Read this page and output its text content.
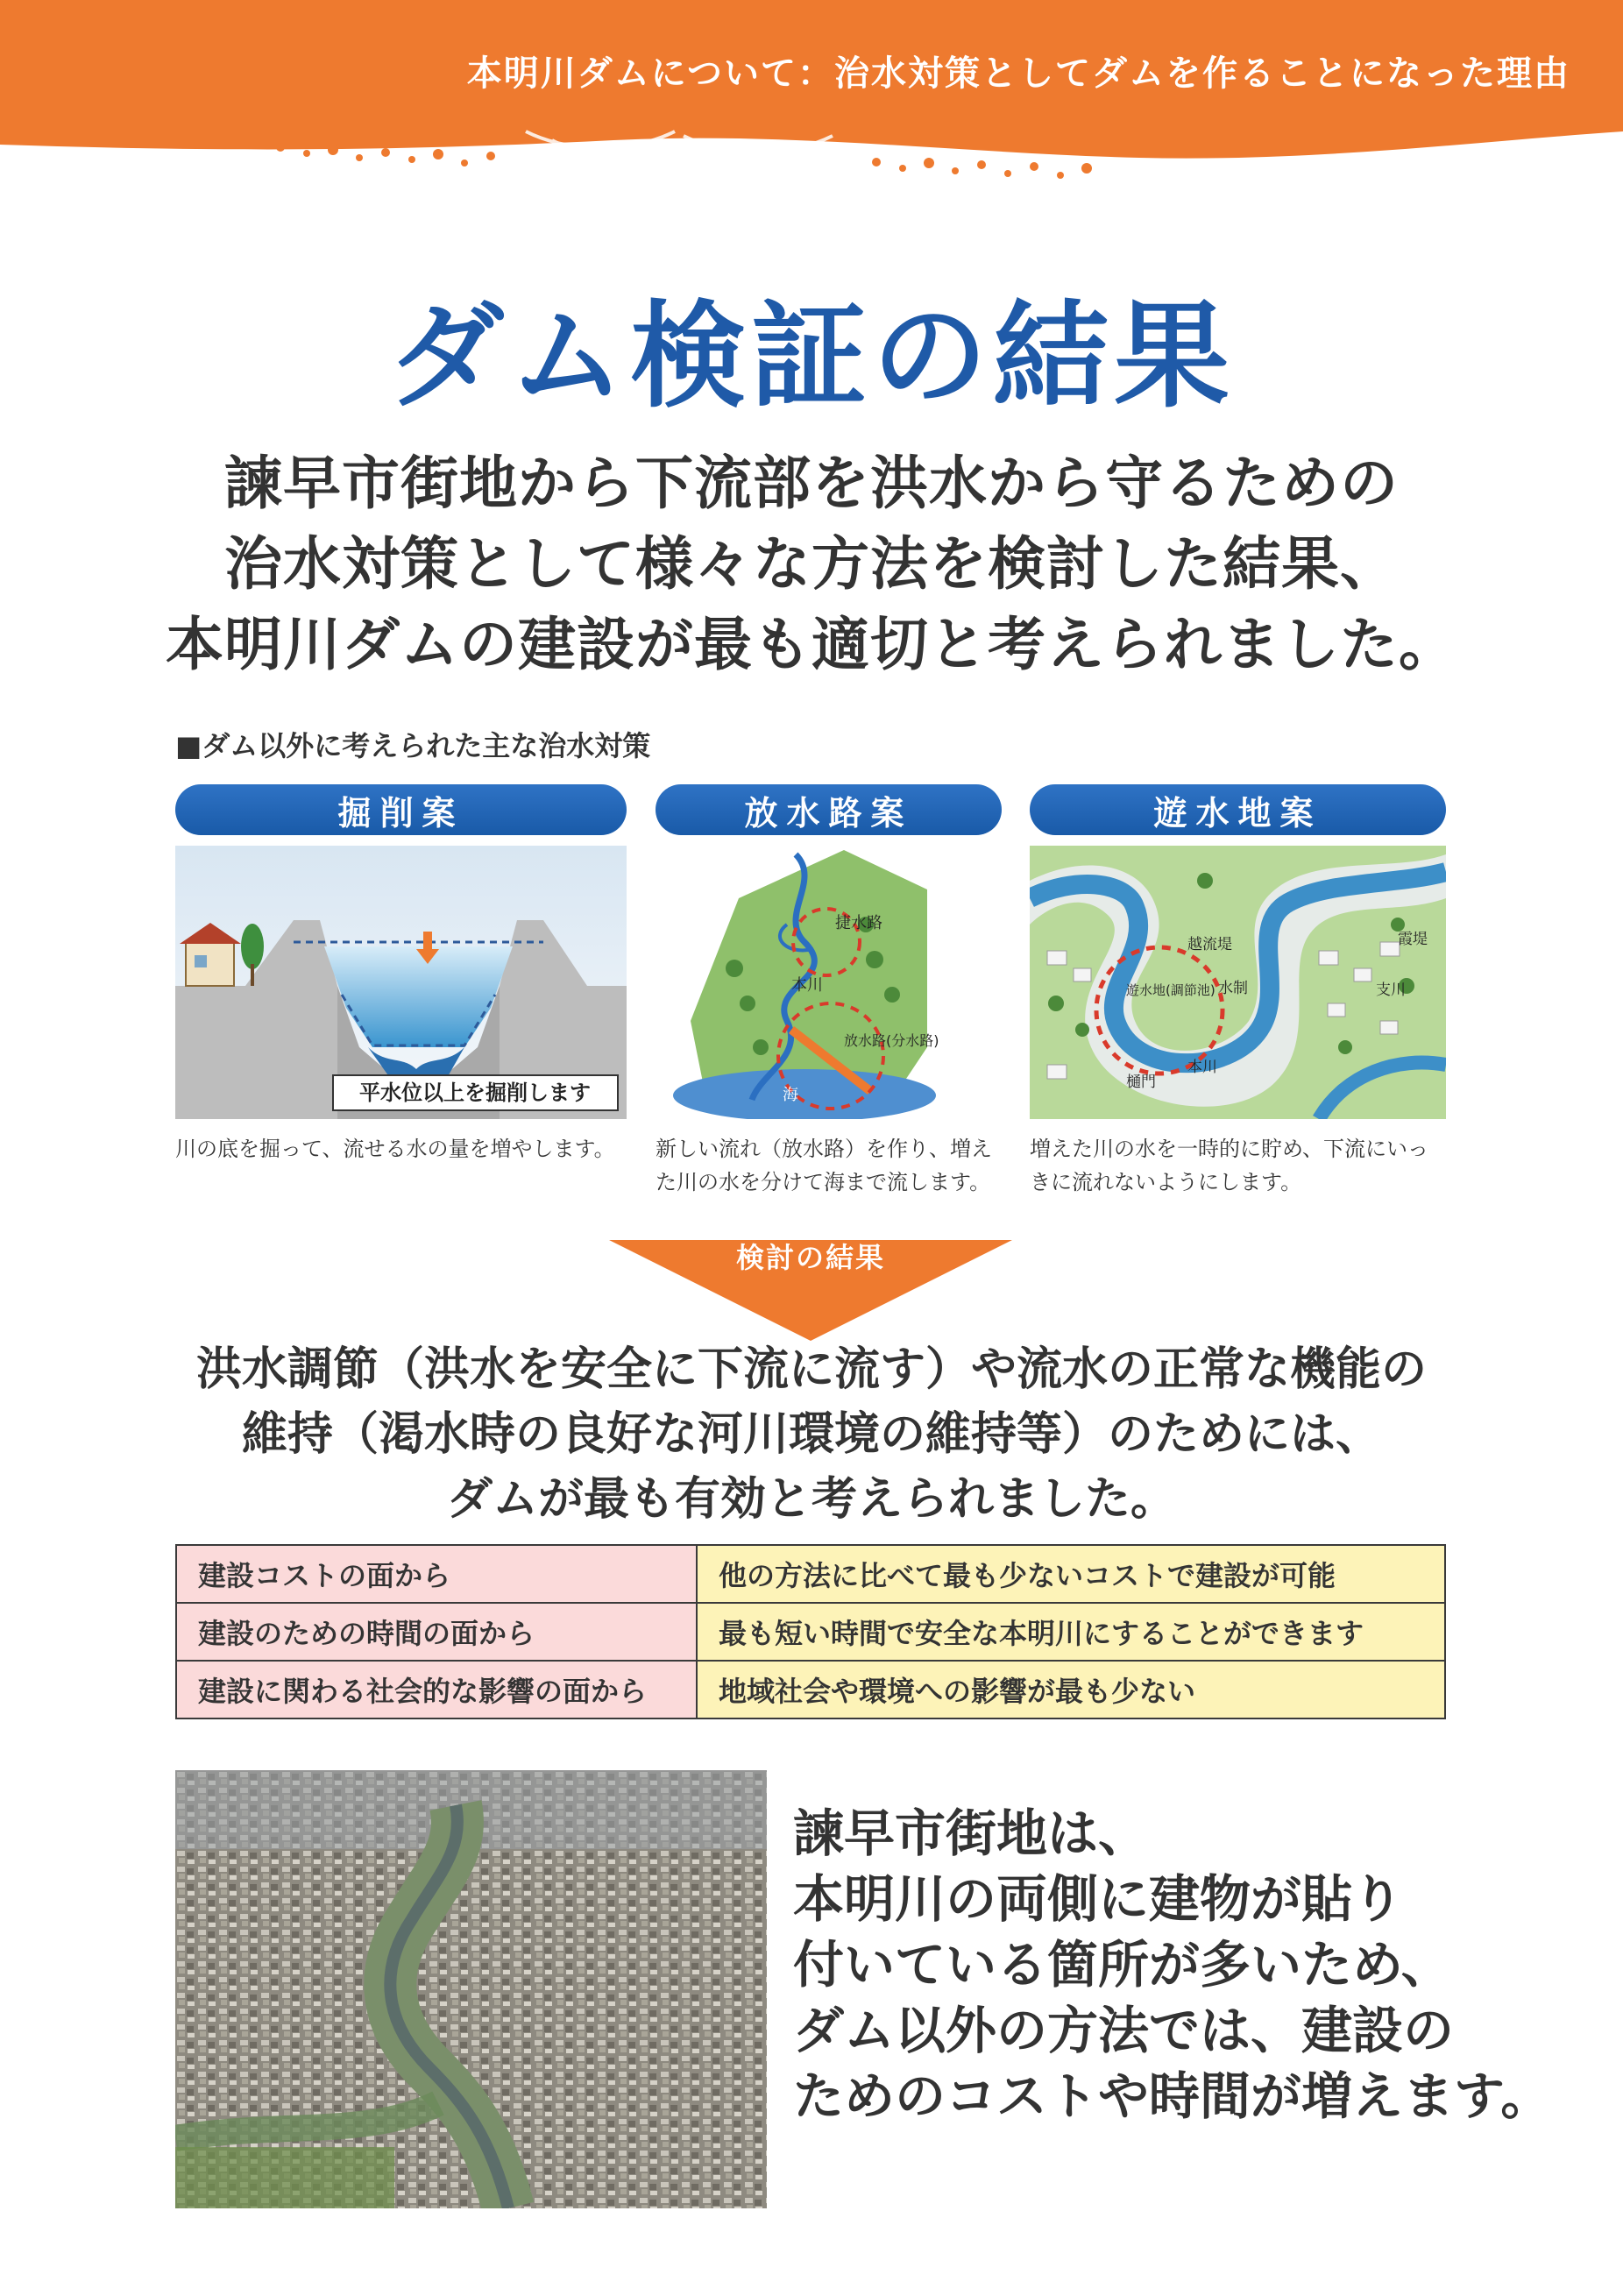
本明川ダムについて：治水対策としてダムを作ることになった理由
ダム検証の結果
諫早市街地から下流部を洪水から守るための
治水対策として様々な方法を検討した結果、
本明川ダムの建設が最も適切と考えられました。
■ダム以外に考えられた主な治水対策
掘削案	放水路案	遊水地案
平水位以上を掘削します
捷水路
本川
放水路(分水路)
海
越流堤	霞堤
遊水地(調節池) 水制	支川
本川
樋門
川の底を掘って、流せる水の量を増やします。	新しい流れ（放水路）を作り、増え
た川の水を分けて海まで流します。
増えた川の水を一時的に貯め、下流にいっ
きに流れないようにします。
検討の結果
洪水調節（洪水を安全に下流に流す）や流水の正常な機能の
維持（渇水時の良好な河川環境の維持等）のためには、
ダムが最も有効と考えられました。
建設コストの面から	他の方法に比べて最も少ないコストで建設が可能
建設のための時間の面から	最も短い時間で安全な本明川にすることができます
建設に関わる社会的な影響の面から	地域社会や環境への影響が最も少ない
諫早市街地は、
本明川の両側に建物が貼り
付いている箇所が多いため、
ダム以外の方法では、建設の
ためのコストや時間が増えます。
